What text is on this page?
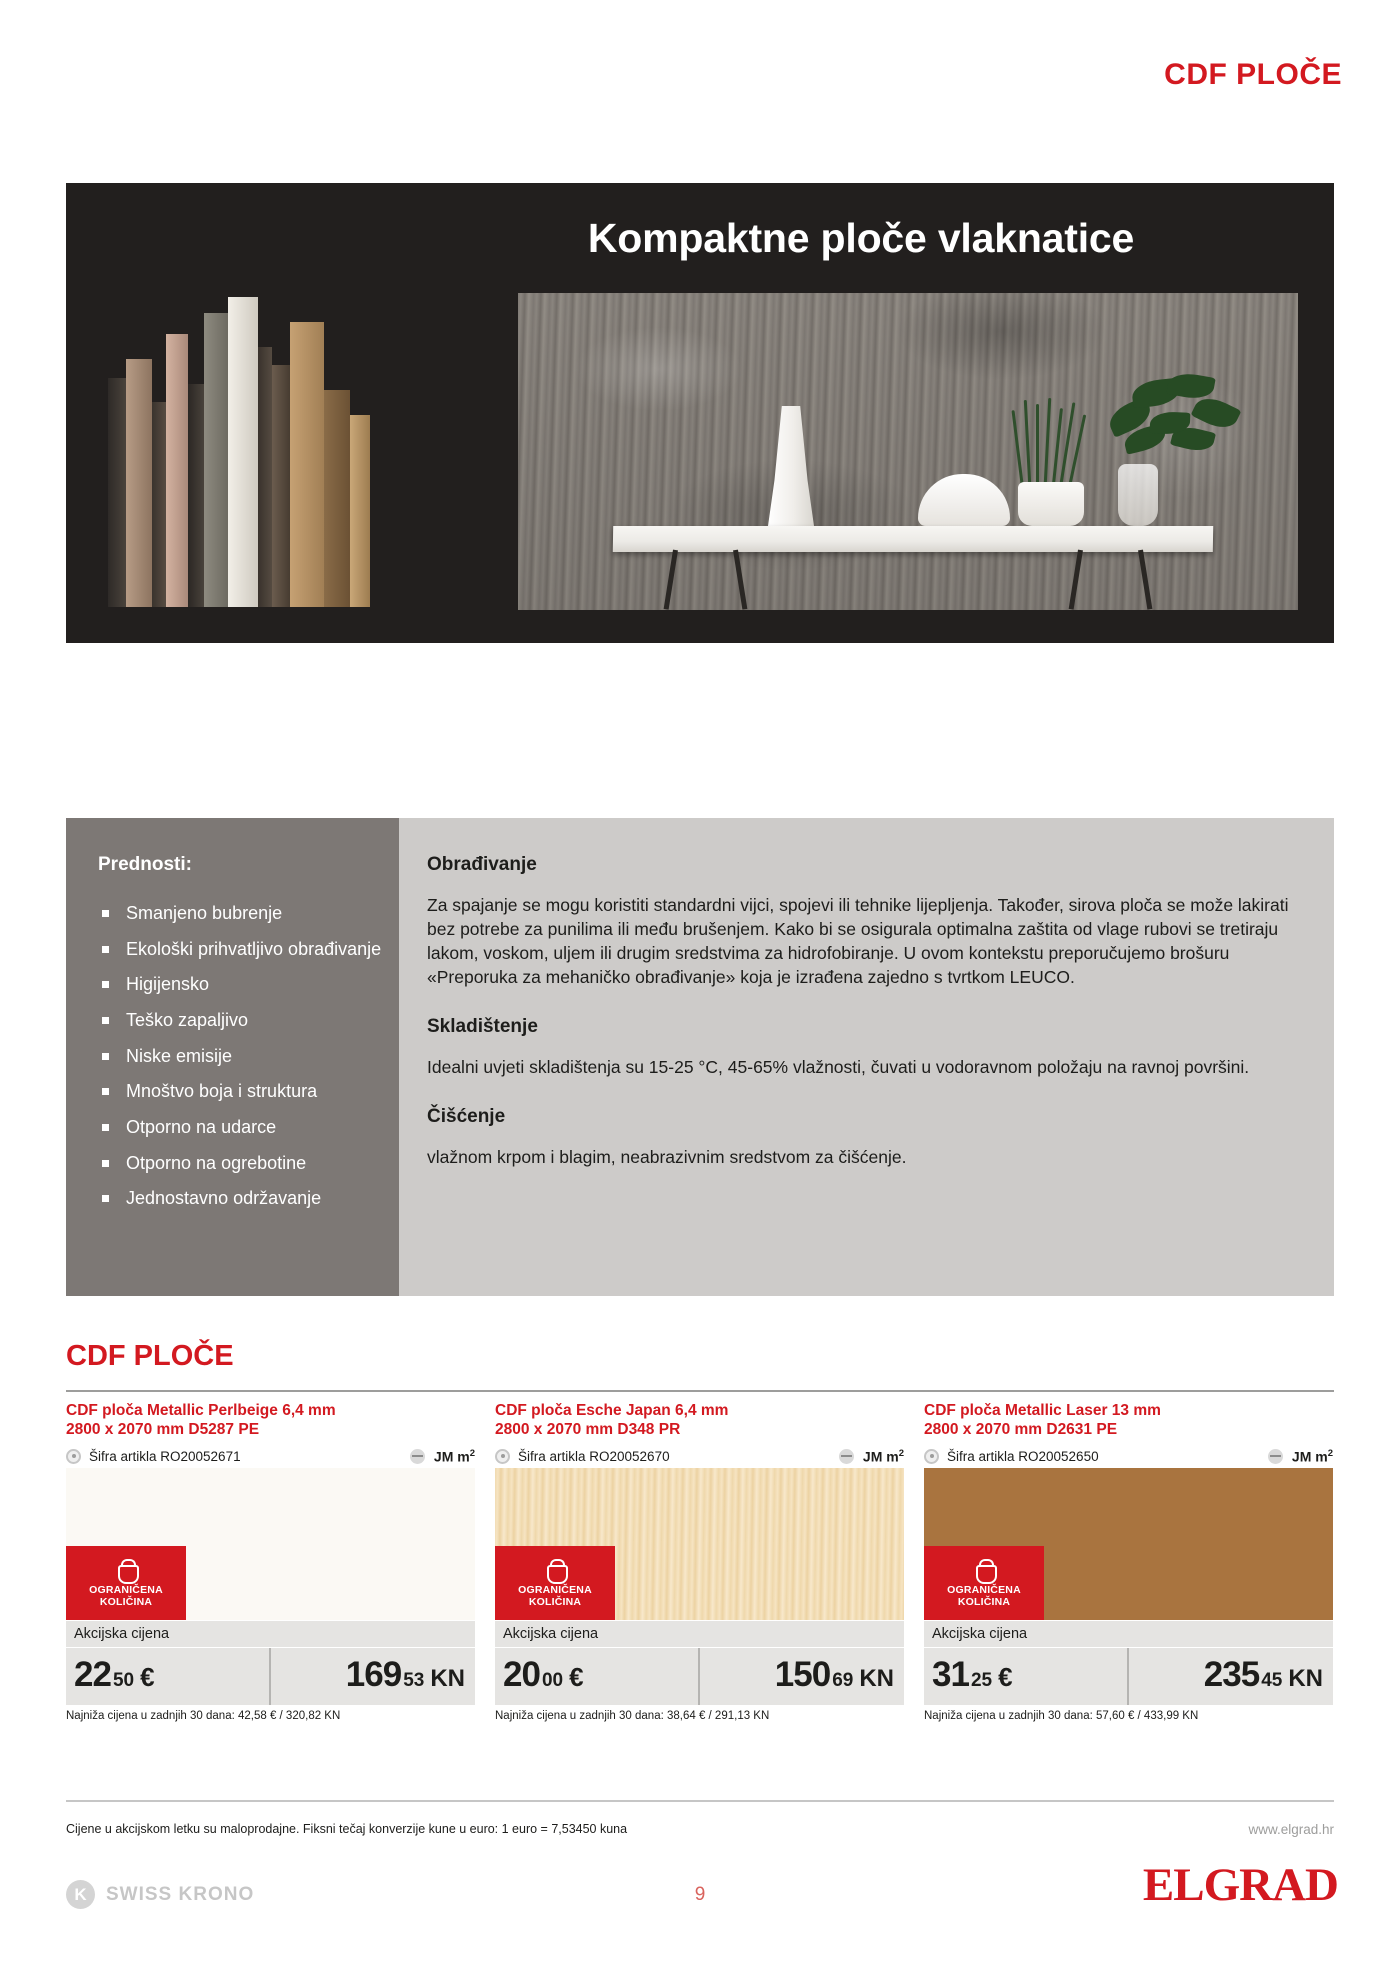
CDF PLOČE
Kompaktne ploče vlaknatice
Prednosti:
Smanjeno bubrenje
Ekološki prihvatljivo obrađivanje
Higijensko
Teško zapaljivo
Niske emisije
Mnoštvo boja i struktura
Otporno na udarce
Otporno na ogrebotine
Jednostavno održavanje
Obrađivanje

Za spajanje se mogu koristiti standardni vijci, spojevi ili tehnike lijepljenja. Također, sirova ploča se može lakirati bez potrebe za punilima ili među brušenjem. Kako bi se osigurala optimalna zaštita od vlage rubovi se tretiraju lakom, voskom, uljem ili drugim sredstvima za hidrofobiranje. U ovom kontekstu preporučujemo brošuru «Preporuka za mehaničko obrađivanje» koja je izrađena zajedno s tvrtkom LEUCO.

Skladištenje

Idealni uvjeti skladištenja su 15-25 °C, 45-65% vlažnosti, čuvati u vodoravnom položaju na ravnoj površini.

Čišćenje

vlažnom krpom i blagim, neabrazivnim sredstvom za čišćenje.

CDF PLOČE
CDF ploča Metallic Perlbeige 6,4 mm
2800 x 2070 mm D5287 PE
Šifra artikla RO20052671	JM $m^2$
OGRANIČENA
KOLIČINA
Akcijska cijena
22 50 €	169 53 KN
Najniža cijena u zadnjih 30 dana: 42,58 € / 320,82 KN
CDF ploča Esche Japan 6,4 mm
2800 x 2070 mm D348 PR
Šifra artikla RO20052670	JM $m^2$
OGRANIČENA
KOLIČINA
Akcijska cijena
20 00 €	150 69 KN
Najniža cijena u zadnjih 30 dana: 38,64 € / 291,13 KN
CDF ploča Metallic Laser 13 mm
2800 x 2070 mm D2631 PE
Šifra artikla RO20052650	JM $m^2$
OGRANIČENA
KOLIČINA
Akcijska cijena
31 25 €	235 45 KN
Najniža cijena u zadnjih 30 dana: 57,60 € / 433,99 KN
Cijene u akcijskom letku su maloprodajne. Fiksni tečaj konverzije kune u euro: 1 euro = 7,53450 kuna	www.elgrad.hr
K
SWISS KRONO	9	ELGRAD
